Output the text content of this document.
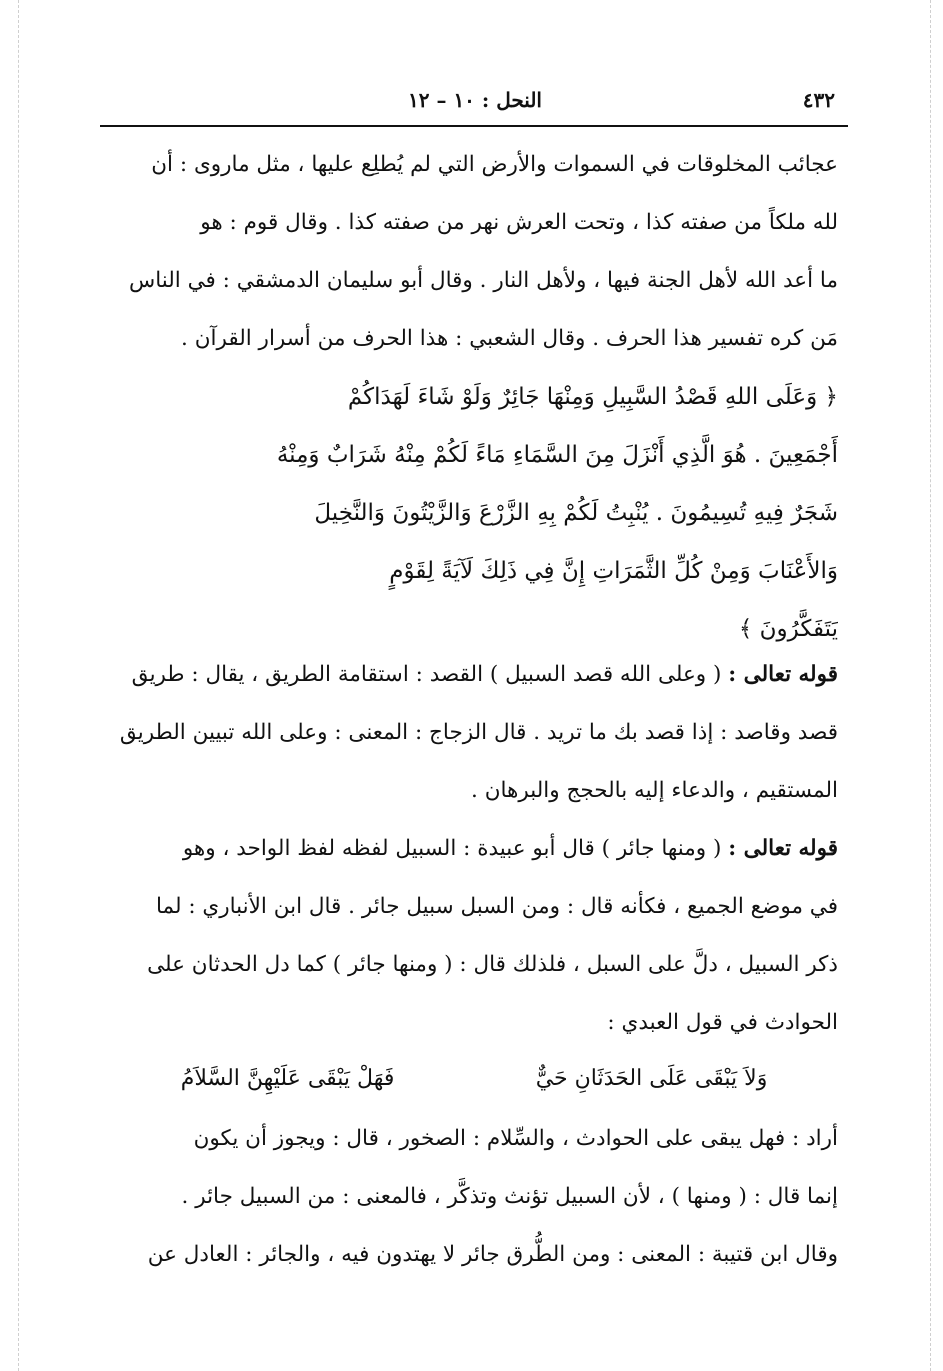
٤٣٢
النحل : ١٠ – ١٢
عجائب المخلوقات في السموات والأرض التي لم يُطلِع عليها ، مثل ماروى : أن
لله ملكاً من صفته كذا ، وتحت العرش نهر من صفته كذا . وقال قوم : هو
ما أعد الله لأهل الجنة فيها ، ولأهل النار . وقال أبو سليمان الدمشقي : في الناس
مَن كره تفسير هذا الحرف . وقال الشعبي : هذا الحرف من أسرار القرآن .
﴿ وَعَلَى اللهِ قَصْدُ السَّبِيلِ وَمِنْهَا جَائِرٌ وَلَوْ شَاءَ لَهَدَاكُمْ
أَجْمَعِينَ . هُوَ الَّذِي أَنْزَلَ مِنَ السَّمَاءِ مَاءً لَكُمْ مِنْهُ شَرَابٌ وَمِنْهُ
شَجَرٌ فِيهِ تُسِيمُونَ . يُنْبِتُ لَكُمْ بِهِ الزَّرْعَ وَالزَّيْتُونَ وَالنَّخِيلَ
وَالأَعْنَابَ وَمِنْ كُلِّ الثَّمَرَاتِ إِنَّ فِي ذَلِكَ لَآيَةً لِقَوْمٍ
يَتَفَكَّرُونَ ﴾
قوله تعالى : ( وعلى الله قصد السبيل ) القصد : استقامة الطريق ، يقال : طريق
قصد وقاصد : إذا قصد بك ما تريد . قال الزجاج : المعنى : وعلى الله تبيين الطريق
المستقيم ، والدعاء إليه بالحجج والبرهان .
قوله تعالى : ( ومنها جائر ) قال أبو عبيدة : السبيل لفظه لفظ الواحد ، وهو
في موضع الجميع ، فكأنه قال : ومن السبل سبيل جائر . قال ابن الأنباري : لما
ذكر السبيل ، دلَّ على السبل ، فلذلك قال : ( ومنها جائر ) كما دل الحدثان على
الحوادث في قول العبدي :
وَلاَ يَبْقَى عَلَى الحَدَثَانِ حَيٌّ
فَهَلْ يَبْقَى عَلَيْهِنَّ السَّلاَمُ
أراد : فهل يبقى على الحوادث ، والسِّلام : الصخور ، قال : ويجوز أن يكون
إنما قال : ( ومنها ) ، لأن السبيل تؤنث وتذكَّر ، فالمعنى : من السبيل جائر .
وقال ابن قتيبة : المعنى : ومن الطُّرق جائر لا يهتدون فيه ، والجائر : العادل عن
